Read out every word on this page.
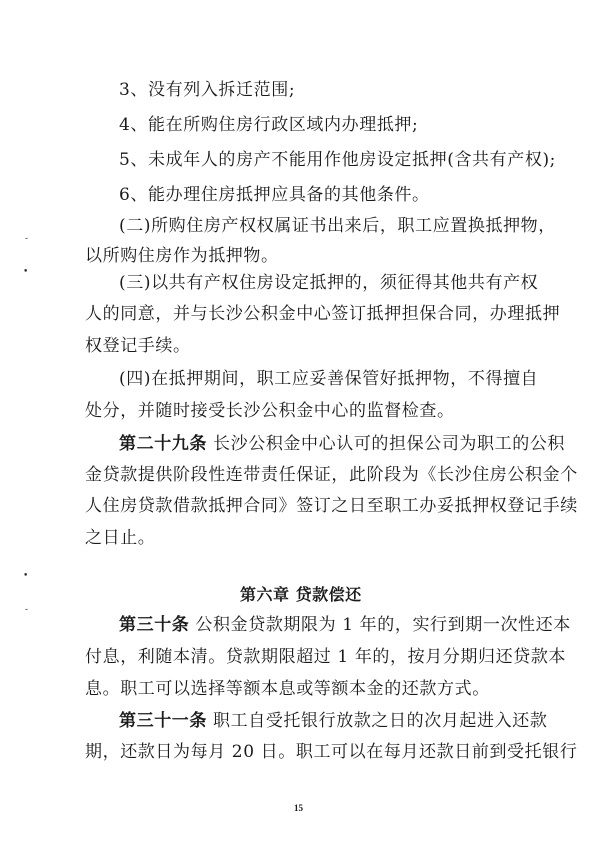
3、没有列入拆迁范围;
4、能在所购住房行政区域内办理抵押;
5、未成年人的房产不能用作他房设定抵押(含共有产权);
6、能办理住房抵押应具备的其他条件。
(二)所购住房产权权属证书出来后，职工应置换抵押物，
以所购住房作为抵押物。
(三)以共有产权住房设定抵押的，须征得其他共有产权
人的同意，并与长沙公积金中心签订抵押担保合同，办理抵押
权登记手续。
(四)在抵押期间，职工应妥善保管好抵押物，不得擅自
处分，并随时接受长沙公积金中心的监督检查。
第二十九条 长沙公积金中心认可的担保公司为职工的公积
金贷款提供阶段性连带责任保证，此阶段为《长沙住房公积金个
人住房贷款借款抵押合同》签订之日至职工办妥抵押权登记手续
之日止。
第六章 贷款偿还
第三十条 公积金贷款期限为 1 年的，实行到期一次性还本
付息，利随本清。贷款期限超过 1 年的，按月分期归还贷款本
息。职工可以选择等额本息或等额本金的还款方式。
第三十一条 职工自受托银行放款之日的次月起进入还款
期，还款日为每月 20 日。职工可以在每月还款日前到受托银行
15
-
•
•
-
